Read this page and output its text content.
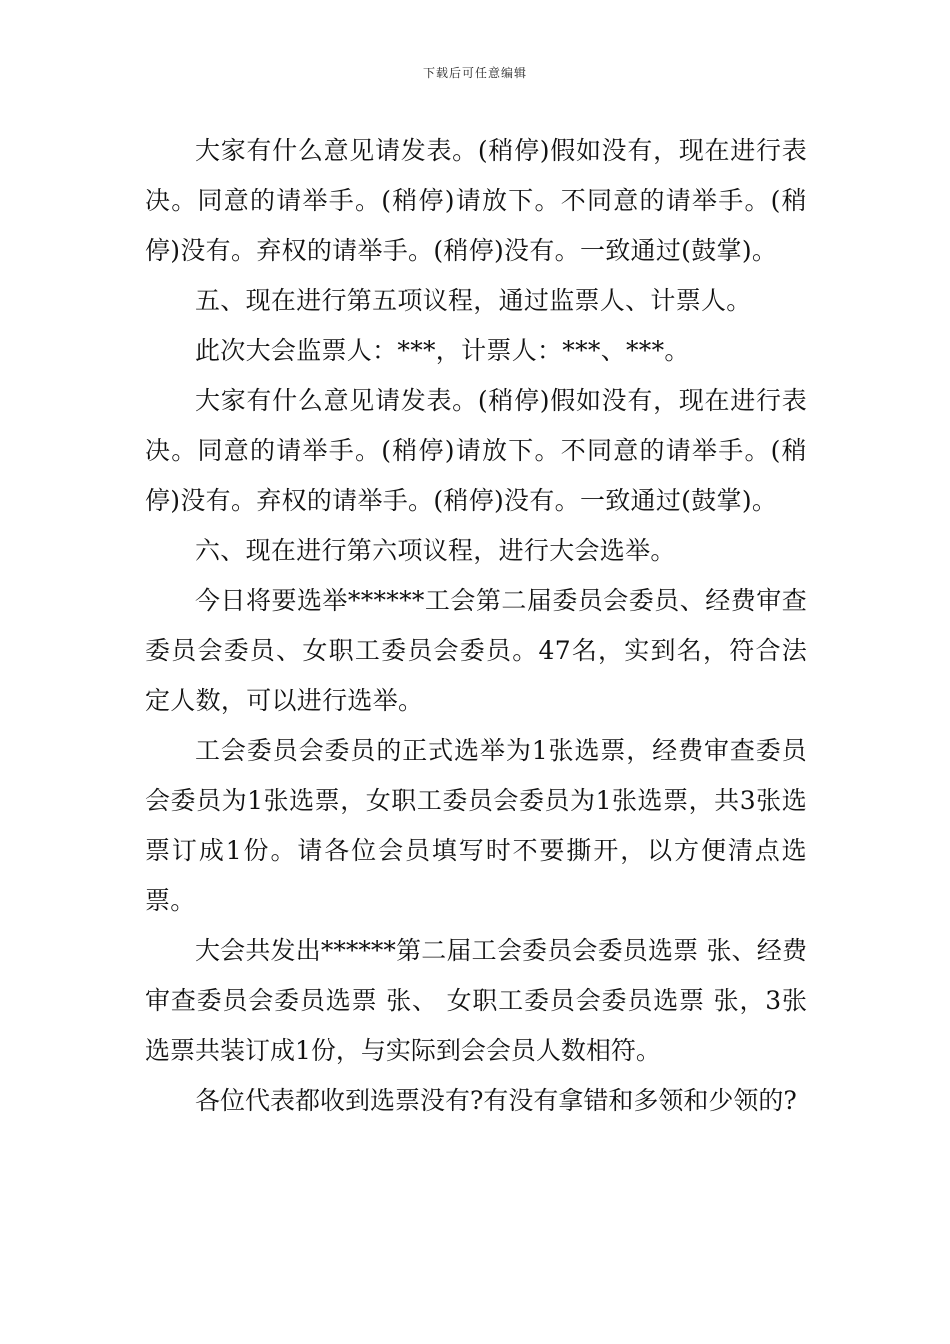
下载后可任意编辑

大家有什么意见请发表。(稍停)假如没有，现在进行表决。同意的请举手。(稍停)请放下。不同意的请举手。(稍停)没有。弃权的请举手。(稍停)没有。一致通过(鼓掌)。

五、现在进行第五项议程，通过监票人、计票人。

此次大会监票人：***，计票人：***、***。

大家有什么意见请发表。(稍停)假如没有，现在进行表决。同意的请举手。(稍停)请放下。不同意的请举手。(稍停)没有。弃权的请举手。(稍停)没有。一致通过(鼓掌)。

六、现在进行第六项议程，进行大会选举。

今日将要选举******工会第二届委员会委员、经费审查委员会委员、女职工委员会委员。47名，实到名，符合法定人数，可以进行选举。

工会委员会委员的正式选举为1张选票，经费审查委员会委员为1张选票，女职工委员会委员为1张选票，共3张选票订成1份。请各位会员填写时不要撕开，以方便清点选票。

大会共发出******第二届工会委员会委员选票 张、经费审查委员会委员选票 张、 女职工委员会委员选票 张，3张选票共装订成1份，与实际到会会员人数相符。

各位代表都收到选票没有?有没有拿错和多领和少领的?
